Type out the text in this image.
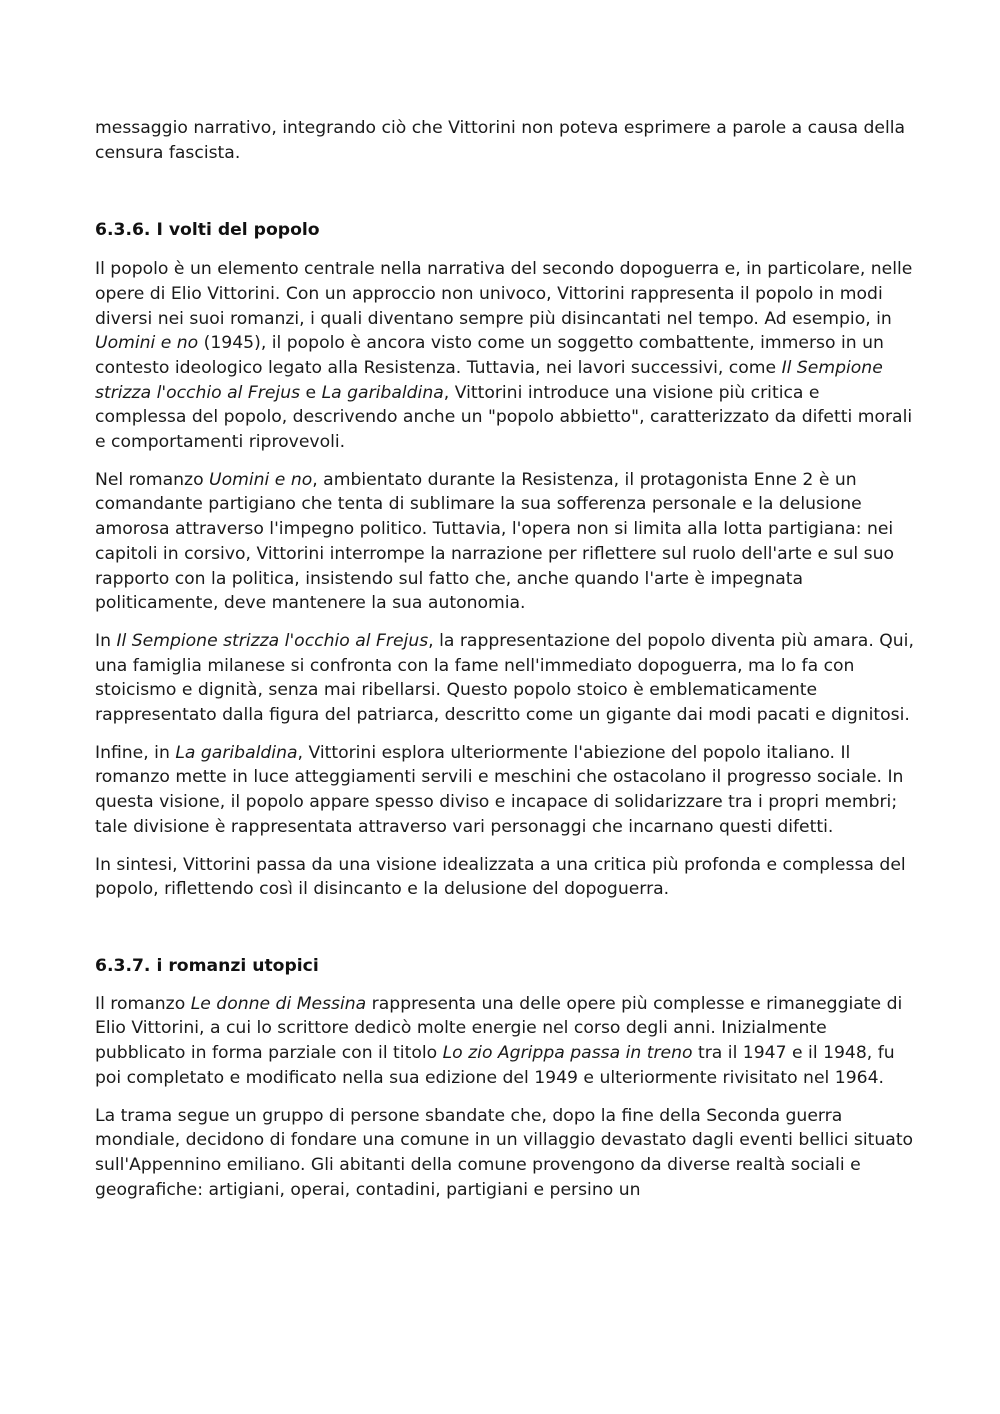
messaggio narrativo, integrando ciò che Vittorini non poteva esprimere a parole a causa della censura fascista.

6.3.6. I volti del popolo

Il popolo è un elemento centrale nella narrativa del secondo dopoguerra e, in particolare, nelle opere di Elio Vittorini. Con un approccio non univoco, Vittorini rappresenta il popolo in modi diversi nei suoi romanzi, i quali diventano sempre più disincantati nel tempo. Ad esempio, in Uomini e no (1945), il popolo è ancora visto come un soggetto combattente, immerso in un contesto ideologico legato alla Resistenza. Tuttavia, nei lavori successivi, come Il Sempione strizza l'occhio al Frejus e La garibaldina, Vittorini introduce una visione più critica e complessa del popolo, descrivendo anche un "popolo abbietto", caratterizzato da difetti morali e comportamenti riprovevoli.

Nel romanzo Uomini e no, ambientato durante la Resistenza, il protagonista Enne 2 è un comandante partigiano che tenta di sublimare la sua sofferenza personale e la delusione amorosa attraverso l'impegno politico. Tuttavia, l'opera non si limita alla lotta partigiana: nei capitoli in corsivo, Vittorini interrompe la narrazione per riflettere sul ruolo dell'arte e sul suo rapporto con la politica, insistendo sul fatto che, anche quando l'arte è impegnata politicamente, deve mantenere la sua autonomia.

In Il Sempione strizza l'occhio al Frejus, la rappresentazione del popolo diventa più amara. Qui, una famiglia milanese si confronta con la fame nell'immediato dopoguerra, ma lo fa con stoicismo e dignità, senza mai ribellarsi. Questo popolo stoico è emblematicamente rappresentato dalla figura del patriarca, descritto come un gigante dai modi pacati e dignitosi.

Infine, in La garibaldina, Vittorini esplora ulteriormente l'abiezione del popolo italiano. Il romanzo mette in luce atteggiamenti servili e meschini che ostacolano il progresso sociale. In questa visione, il popolo appare spesso diviso e incapace di solidarizzare tra i propri membri; tale divisione è rappresentata attraverso vari personaggi che incarnano questi difetti.

In sintesi, Vittorini passa da una visione idealizzata a una critica più profonda e complessa del popolo, riflettendo così il disincanto e la delusione del dopoguerra.

6.3.7. i romanzi utopici

Il romanzo Le donne di Messina rappresenta una delle opere più complesse e rimaneggiate di Elio Vittorini, a cui lo scrittore dedicò molte energie nel corso degli anni. Inizialmente pubblicato in forma parziale con il titolo Lo zio Agrippa passa in treno tra il 1947 e il 1948, fu poi completato e modificato nella sua edizione del 1949 e ulteriormente rivisitato nel 1964.

La trama segue un gruppo di persone sbandate che, dopo la fine della Seconda guerra mondiale, decidono di fondare una comune in un villaggio devastato dagli eventi bellici situato sull'Appennino emiliano. Gli abitanti della comune provengono da diverse realtà sociali e geografiche: artigiani, operai, contadini, partigiani e persino un
